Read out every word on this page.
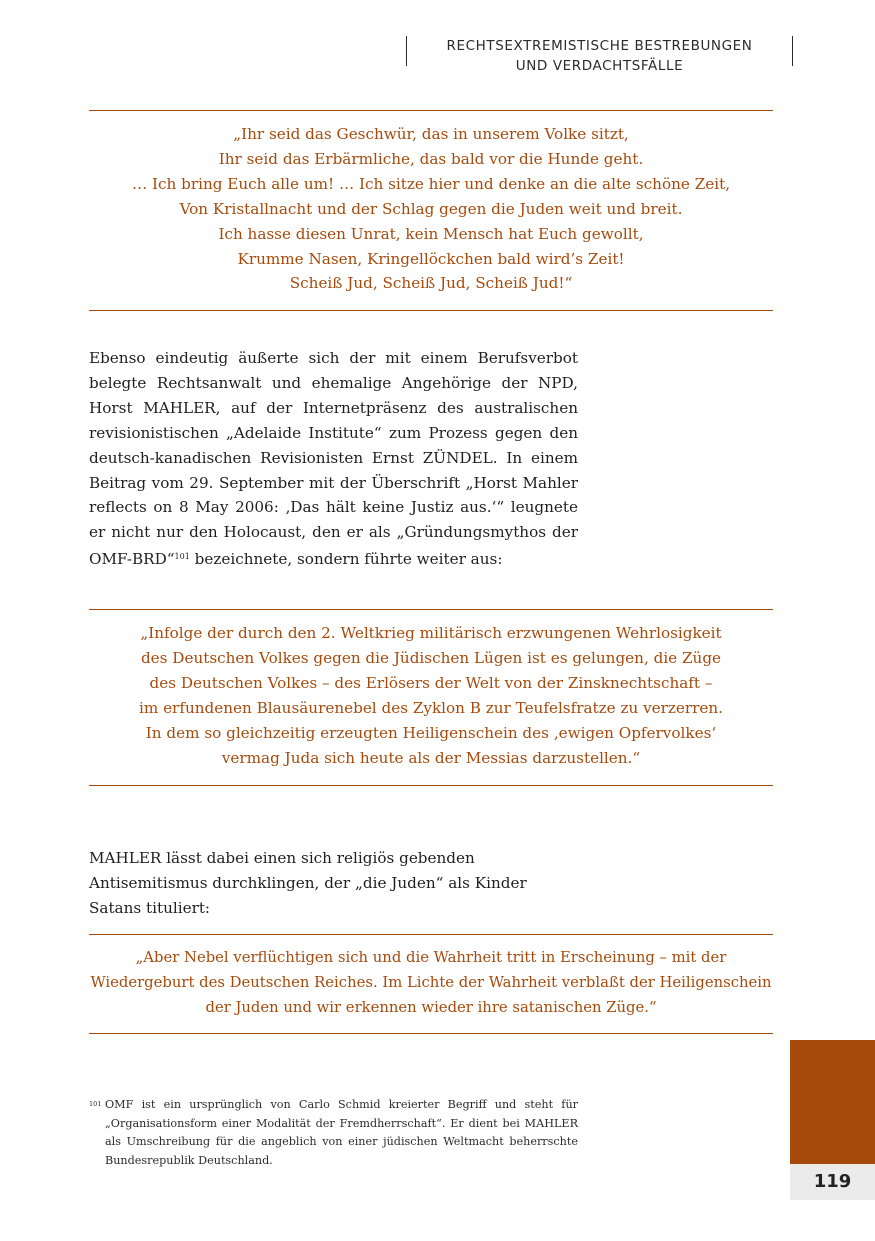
RECHTSEXTREMISTISCHE BESTREBUNGEN
UND VERDACHTSFÄLLE
„Ihr seid das Geschwür, das in unserem Volke sitzt,
Ihr seid das Erbärmliche, das bald vor die Hunde geht.
… Ich bring Euch alle um! … Ich sitze hier und denke an die alte schöne Zeit,
Von Kristallnacht und der Schlag gegen die Juden weit und breit.
Ich hasse diesen Unrat, kein Mensch hat Euch gewollt,
Krumme Nasen, Kringellöckchen bald wird’s Zeit!
Scheiß Jud, Scheiß Jud, Scheiß Jud!“
Ebenso eindeutig äußerte sich der mit einem Berufsverbot belegte Rechtsanwalt und ehemalige Angehörige der NPD, Horst MAHLER, auf der Internetpräsenz des australischen revisionistischen „Adelaide Institute“ zum Prozess gegen den deutsch-kanadischen Revisionisten Ernst ZÜNDEL. In einem Beitrag vom 29. September mit der Überschrift „Horst Mahler reflects on 8 May 2006: ‚Das hält keine Justiz aus.‘“ leugnete er nicht nur den Holocaust, den er als „Gründungsmythos der OMF-BRD“$^{101}$ bezeichnete, sondern führte weiter aus:
„Infolge der durch den 2. Weltkrieg militärisch erzwungenen Wehrlosigkeit
des Deutschen Volkes gegen die Jüdischen Lügen ist es gelungen, die Züge
des Deutschen Volkes – des Erlösers der Welt von der Zinsknechtschaft –
im erfundenen Blausäurenebel des Zyklon B zur Teufelsfratze zu verzerren.
In dem so gleichzeitig erzeugten Heiligenschein des ‚ewigen Opfervolkes‘
vermag Juda sich heute als der Messias darzustellen.“
MAHLER lässt dabei einen sich religiös gebenden Antisemitismus durchklingen, der „die Juden“ als Kinder Satans tituliert:
„Aber Nebel verflüchtigen sich und die Wahrheit tritt in Erscheinung – mit der
Wiedergeburt des Deutschen Reiches. Im Lichte der Wahrheit verblaßt der Heiligenschein
der Juden und wir erkennen wieder ihre satanischen Züge.“
101 OMF ist ein ursprünglich von Carlo Schmid kreierter Begriff und steht für „Organisationsform einer Modalität der Fremdherrschaft“. Er dient bei MAHLER als Umschreibung für die angeblich von einer jüdischen Weltmacht beherrschte Bundesrepublik Deutschland.
119
